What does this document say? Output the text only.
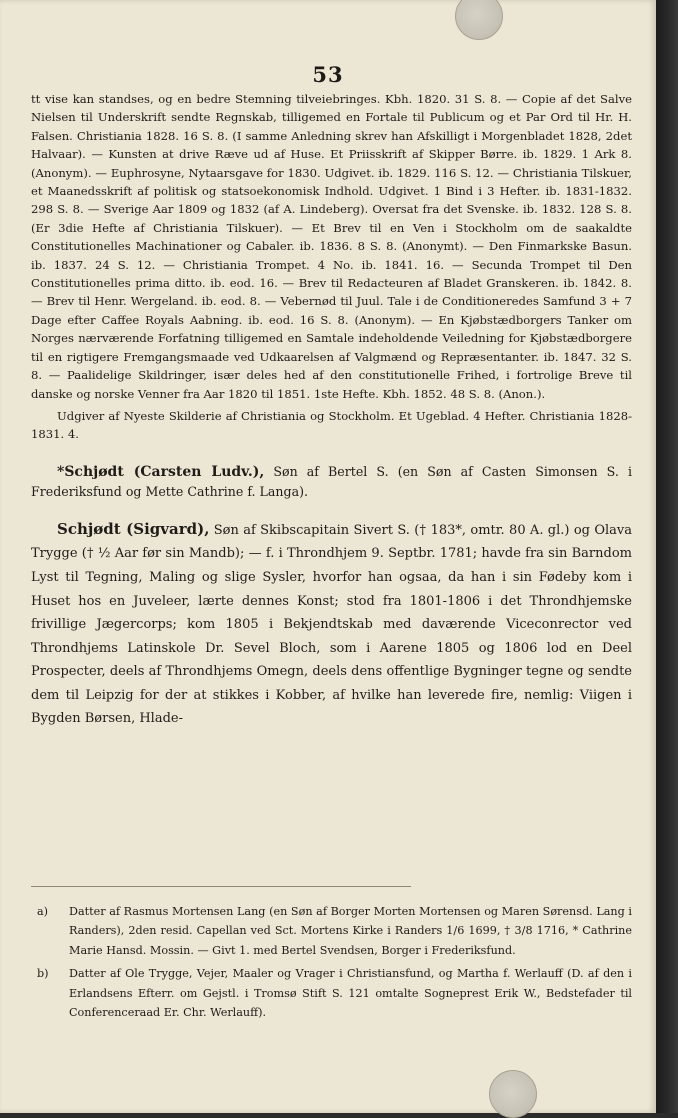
53

tt vise kan standses, og en bedre Stemning tilveiebringes. Kbh. 1820. 31 S. 8. — Copie af det Salve Nielsen til Underskrift sendte Regnskab, tilligemed en Fortale til Publicum og et Par Ord til Hr. H. Falsen. Christiania 1828. 16 S. 8. (I samme Anledning skrev han Afskilligt i Morgenbladet 1828, 2det Halvaar). — Kunsten at drive Ræve ud af Huse. Et Priisskrift af Skipper Børre. ib. 1829. 1 Ark 8. (Anonym). — Euphrosyne, Nytaarsgave for 1830. Udgivet. ib. 1829. 116 S. 12. — Christiania Tilskuer, et Maanedsskrift af politisk og statsoekonomisk Indhold. Udgivet. 1 Bind i 3 Hefter. ib. 1831-1832. 298 S. 8. — Sverige Aar 1809 og 1832 (af A. Lindeberg). Oversat fra det Svenske. ib. 1832. 128 S. 8. (Er 3die Hefte af Christiania Tilskuer). — Et Brev til en Ven i Stockholm om de saakaldte Constitutionelles Machinationer og Cabaler. ib. 1836. 8 S. 8. (Anonymt). — Den Finmarkske Basun. ib. 1837. 24 S. 12. — Christiania Trompet. 4 No. ib. 1841. 16. — Secunda Trompet til Den Constitutionelles prima ditto. ib. eod. 16. — Brev til Redacteuren af Bladet Granskeren. ib. 1842. 8. — Brev til Henr. Wergeland. ib. eod. 8. — Vebernød til Juul. Tale i de Conditioneredes Samfund 3 + 7 Dage efter Caffee Royals Aabning. ib. eod. 16 S. 8. (Anonym). — En Kjøbstædborgers Tanker om Norges nærværende Forfatning tilligemed en Samtale indeholdende Veiledning for Kjøbstædborgere til en rigtigere Fremgangsmaade ved Udkaarelsen af Valgmænd og Repræsentanter. ib. 1847. 32 S. 8. — Paalidelige Skildringer, især deles hed af den constitutionelle Frihed, i fortrolige Breve til danske og norske Venner fra Aar 1820 til 1851. 1ste Hefte. Kbh. 1852. 48 S. 8. (Anon.).

Udgiver af Nyeste Skilderie af Christiania og Stockholm. Et Ugeblad. 4 Hefter. Christiania 1828-1831. 4.

*Schjødt (Carsten Ludv.), Søn af Bertel S. (en Søn af Casten Simonsen S. i Frederiksfund og Mette Cathrine f. Langa).

Schjødt (Sigvard), Søn af Skibscapitain Sivert S. († 183*, omtr. 80 A. gl.) og Olava Trygge († ½ Aar før sin Mandb); — f. i Throndhjem 9. Septbr. 1781; havde fra sin Barndom Lyst til Tegning, Maling og slige Sysler, hvorfor han ogsaa, da han i sin Fødeby kom i Huset hos en Juveleer, lærte dennes Konst; stod fra 1801-1806 i det Throndhjemske frivillige Jægercorps; kom 1805 i Bekjendtskab med daværende Viceconrector ved Throndhjems Latinskole Dr. Sevel Bloch, som i Aarene 1805 og 1806 lod en Deel Prospecter, deels af Throndhjems Omegn, deels dens offentlige Bygninger tegne og sendte dem til Leipzig for der at stikkes i Kobber, af hvilke han leverede fire, nemlig: Viigen i Bygden Børsen, Hlade-

a)	Datter af Rasmus Mortensen Lang (en Søn af Borger Morten Mortensen og Maren Sørensd. Lang i Randers), 2den resid. Capellan ved Sct. Mortens Kirke i Randers 1/6 1699, † 3/8 1716, * Cathrine Marie Hansd. Mossin. — Givt 1. med Bertel Svendsen, Borger i Frederiksfund.
b)	Datter af Ole Trygge, Vejer, Maaler og Vrager i Christiansfund, og Martha f. Werlauff (D. af den i Erlandsens Efterr. om Gejstl. i Tromsø Stift S. 121 omtalte Sogneprest Erik W., Bedstefader til Conferenceraad Er. Chr. Werlauff).
